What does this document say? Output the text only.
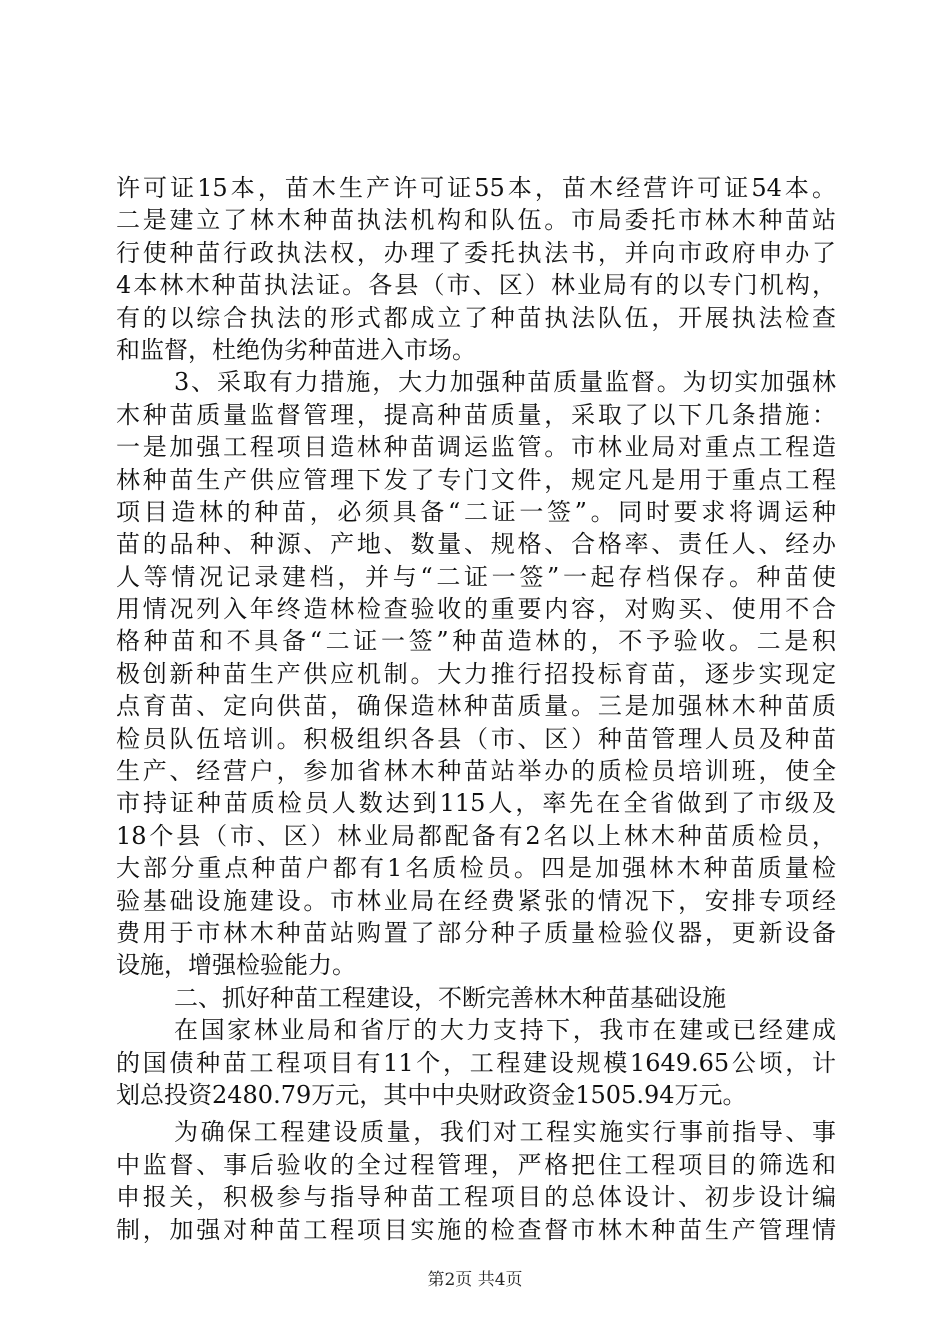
许可证15本，苗木生产许可证55本，苗木经营许可证54本。
二是建立了林木种苗执法机构和队伍。市局委托市林木种苗站
行使种苗行政执法权，办理了委托执法书，并向市政府申办了
4本林木种苗执法证。各县（市、区）林业局有的以专门机构，
有的以综合执法的形式都成立了种苗执法队伍，开展执法检查
和监督，杜绝伪劣种苗进入市场。
3、采取有力措施，大力加强种苗质量监督。为切实加强林
木种苗质量监督管理，提高种苗质量，采取了以下几条措施：
一是加强工程项目造林种苗调运监管。市林业局对重点工程造
林种苗生产供应管理下发了专门文件，规定凡是用于重点工程
项目造林的种苗，必须具备“二证一签”。同时要求将调运种
苗的品种、种源、产地、数量、规格、合格率、责任人、经办
人等情况记录建档，并与“二证一签”一起存档保存。种苗使
用情况列入年终造林检查验收的重要内容，对购买、使用不合
格种苗和不具备“二证一签”种苗造林的，不予验收。二是积
极创新种苗生产供应机制。大力推行招投标育苗，逐步实现定
点育苗、定向供苗，确保造林种苗质量。三是加强林木种苗质
检员队伍培训。积极组织各县（市、区）种苗管理人员及种苗
生产、经营户，参加省林木种苗站举办的质检员培训班，使全
市持证种苗质检员人数达到115人，率先在全省做到了市级及
18个县（市、区）林业局都配备有2名以上林木种苗质检员，
大部分重点种苗户都有1名质检员。四是加强林木种苗质量检
验基础设施建设。市林业局在经费紧张的情况下，安排专项经
费用于市林木种苗站购置了部分种子质量检验仪器，更新设备
设施，增强检验能力。
二、抓好种苗工程建设，不断完善林木种苗基础设施
在国家林业局和省厅的大力支持下，我市在建或已经建成
的国债种苗工程项目有11个，工程建设规模1649.65公顷，计
划总投资2480.79万元，其中中央财政资金1505.94万元。
为确保工程建设质量，我们对工程实施实行事前指导、事
中监督、事后验收的全过程管理，严格把住工程项目的筛选和
申报关，积极参与指导种苗工程项目的总体设计、初步设计编
制，加强对种苗工程项目实施的检查督市林木种苗生产管理情
第2页 共4页
